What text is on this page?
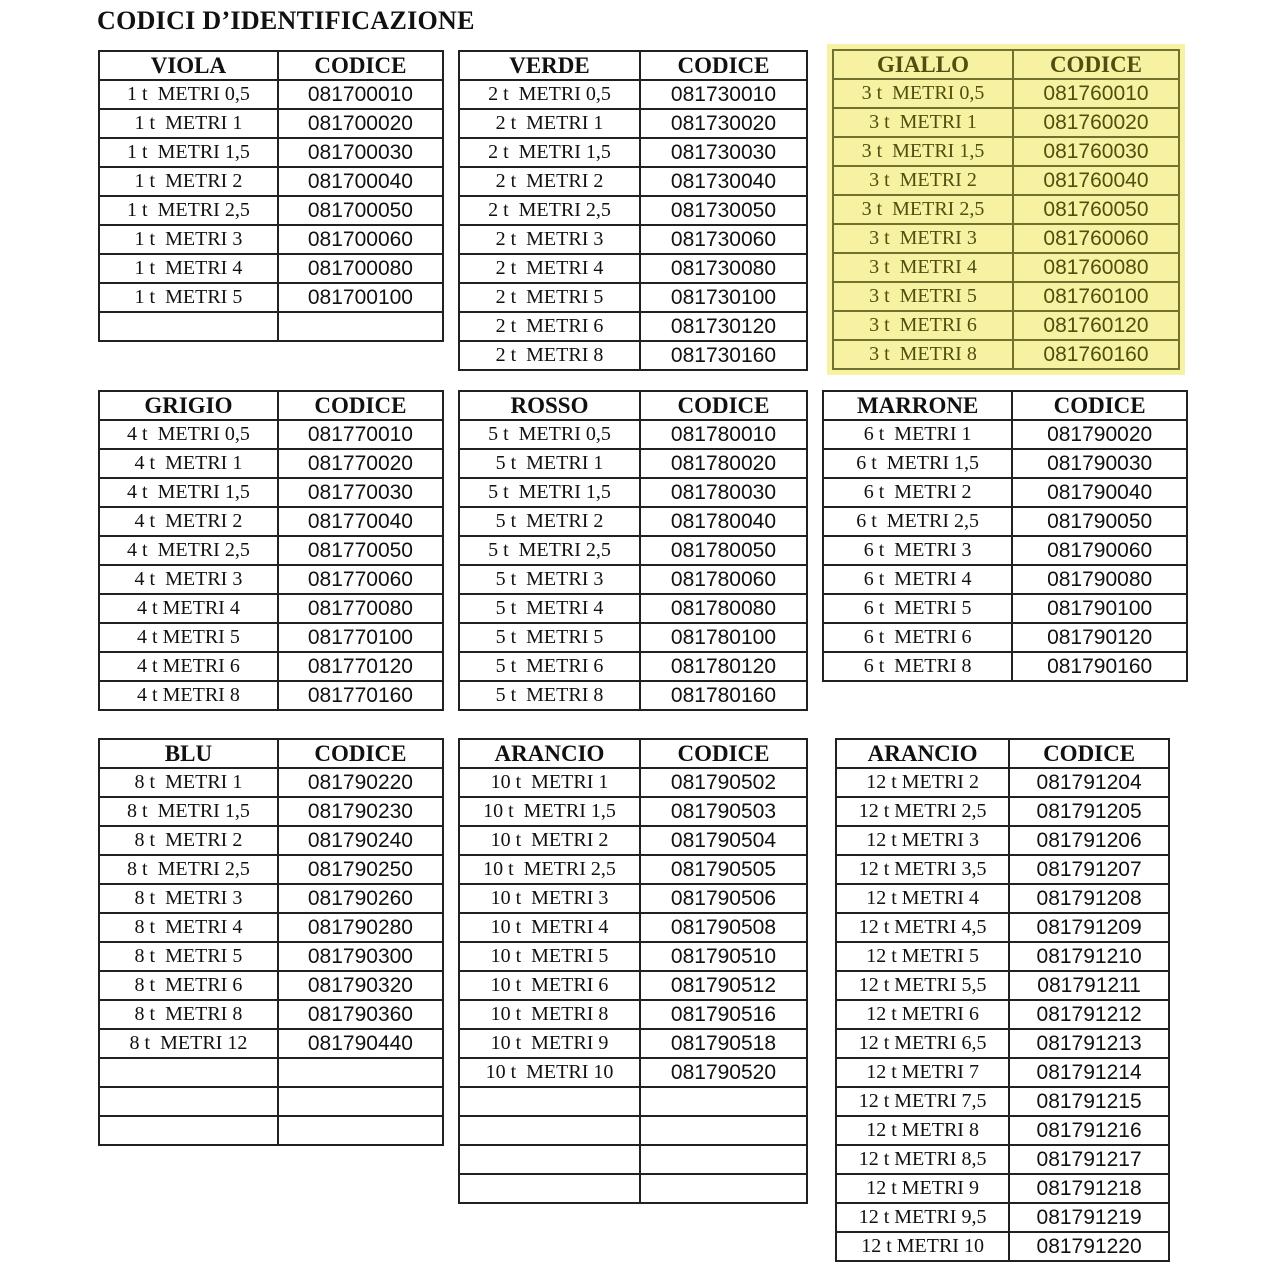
CODICI D’IDENTIFICAZIONE
VIOLA	CODICE
1 t  METRI 0,5	081700010
1 t  METRI 1	081700020
1 t  METRI 1,5	081700030
1 t  METRI 2	081700040
1 t  METRI 2,5	081700050
1 t  METRI 3	081700060
1 t  METRI 4	081700080
1 t  METRI 5	081700100

VERDE	CODICE
2 t  METRI 0,5	081730010
2 t  METRI 1	081730020
2 t  METRI 1,5	081730030
2 t  METRI 2	081730040
2 t  METRI 2,5	081730050
2 t  METRI 3	081730060
2 t  METRI 4	081730080
2 t  METRI 5	081730100
2 t  METRI 6	081730120
2 t  METRI 8	081730160
GIALLO	CODICE
3 t  METRI 0,5	081760010
3 t  METRI 1	081760020
3 t  METRI 1,5	081760030
3 t  METRI 2	081760040
3 t  METRI 2,5	081760050
3 t  METRI 3	081760060
3 t  METRI 4	081760080
3 t  METRI 5	081760100
3 t  METRI 6	081760120
3 t  METRI 8	081760160
GRIGIO	CODICE
4 t  METRI 0,5	081770010
4 t  METRI 1	081770020
4 t  METRI 1,5	081770030
4 t  METRI 2	081770040
4 t  METRI 2,5	081770050
4 t  METRI 3	081770060
4 t METRI 4	081770080
4 t METRI 5	081770100
4 t METRI 6	081770120
4 t METRI 8	081770160
ROSSO	CODICE
5 t  METRI 0,5	081780010
5 t  METRI 1	081780020
5 t  METRI 1,5	081780030
5 t  METRI 2	081780040
5 t  METRI 2,5	081780050
5 t  METRI 3	081780060
5 t  METRI 4	081780080
5 t  METRI 5	081780100
5 t  METRI 6	081780120
5 t  METRI 8	081780160
MARRONE	CODICE
6 t  METRI 1	081790020
6 t  METRI 1,5	081790030
6 t  METRI 2	081790040
6 t  METRI 2,5	081790050
6 t  METRI 3	081790060
6 t  METRI 4	081790080
6 t  METRI 5	081790100
6 t  METRI 6	081790120
6 t  METRI 8	081790160
BLU	CODICE
8 t  METRI 1	081790220
8 t  METRI 1,5	081790230
8 t  METRI 2	081790240
8 t  METRI 2,5	081790250
8 t  METRI 3	081790260
8 t  METRI 4	081790280
8 t  METRI 5	081790300
8 t  METRI 6	081790320
8 t  METRI 8	081790360
8 t  METRI 12	081790440

ARANCIO	CODICE
10 t  METRI 1	081790502
10 t  METRI 1,5	081790503
10 t  METRI 2	081790504
10 t  METRI 2,5	081790505
10 t  METRI 3	081790506
10 t  METRI 4	081790508
10 t  METRI 5	081790510
10 t  METRI 6	081790512
10 t  METRI 8	081790516
10 t  METRI 9	081790518
10 t  METRI 10	081790520

ARANCIO	CODICE
12 t METRI 2	081791204
12 t METRI 2,5	081791205
12 t METRI 3	081791206
12 t METRI 3,5	081791207
12 t METRI 4	081791208
12 t METRI 4,5	081791209
12 t METRI 5	081791210
12 t METRI 5,5	081791211
12 t METRI 6	081791212
12 t METRI 6,5	081791213
12 t METRI 7	081791214
12 t METRI 7,5	081791215
12 t METRI 8	081791216
12 t METRI 8,5	081791217
12 t METRI 9	081791218
12 t METRI 9,5	081791219
12 t METRI 10	081791220
